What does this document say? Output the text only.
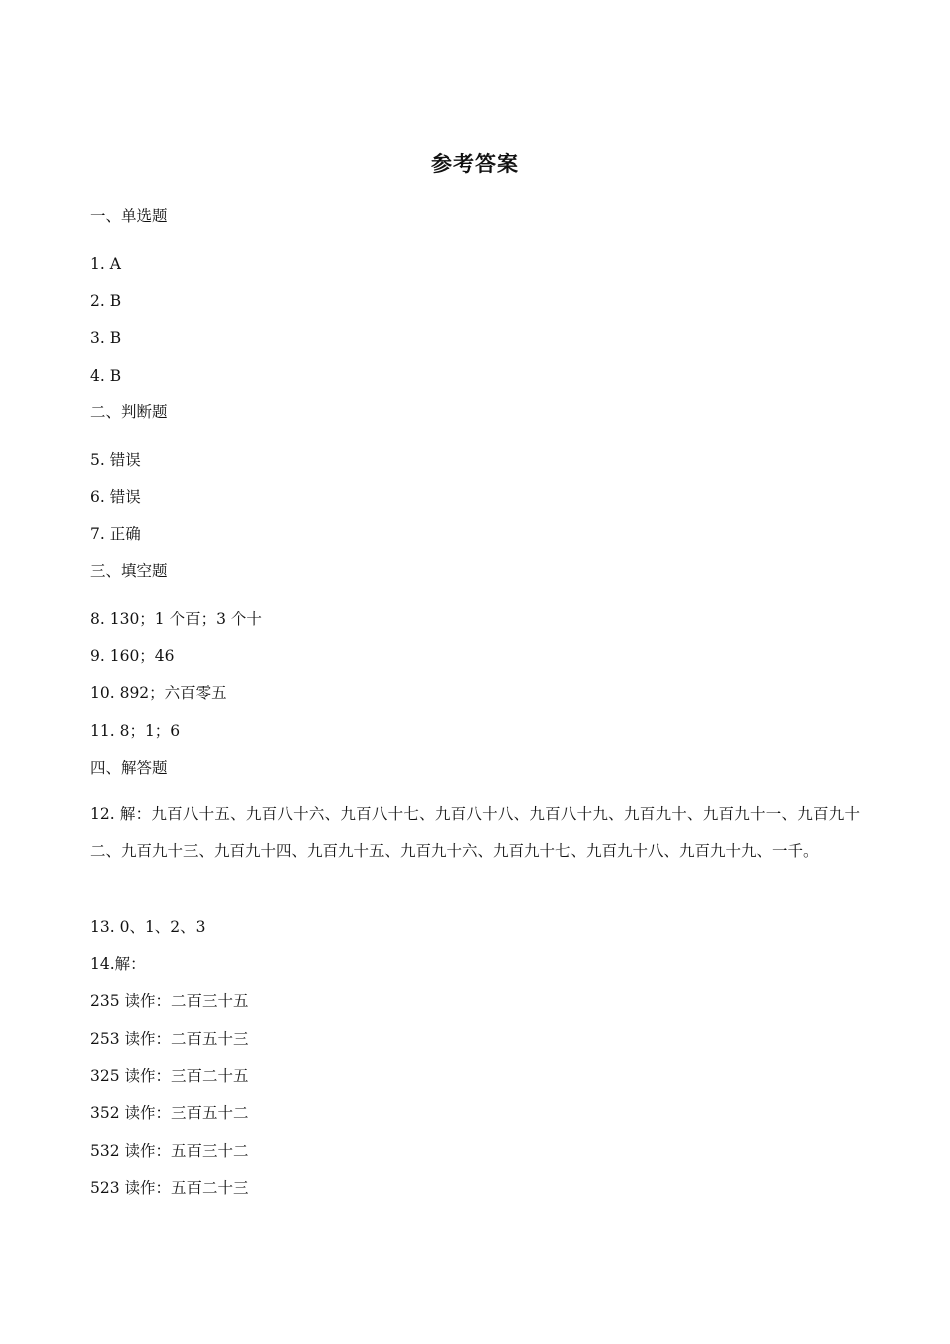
参考答案
一、单选题
1. A
2. B
3. B
4. B
二、判断题
5. 错误
6. 错误
7. 正确
三、填空题
8. 130；1 个百；3 个十
9. 160；46
10. 892；六百零五
11. 8；1；6
四、解答题
12. 解：九百八十五、九百八十六、九百八十七、九百八十八、九百八十九、九百九十、九百九十一、九百九十二、九百九十三、九百九十四、九百九十五、九百九十六、九百九十七、九百九十八、九百九十九、一千。
13. 0、1、2、3
14.解：
235 读作：二百三十五
253 读作：二百五十三
325 读作：三百二十五
352 读作：三百五十二
532 读作：五百三十二
523 读作：五百二十三
